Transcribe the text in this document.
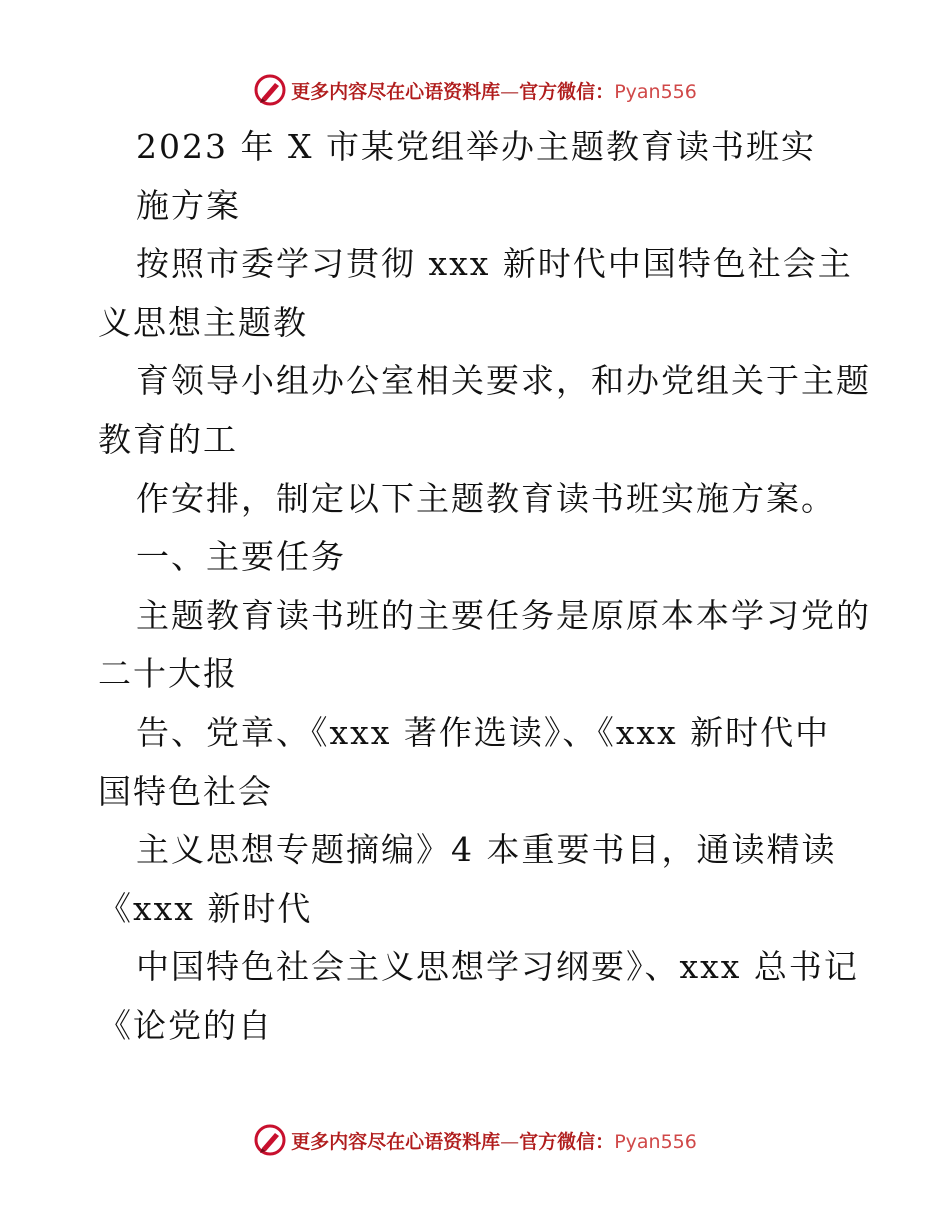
更多内容尽在心语资料库—官方微信：Pyan556
2023 年 X 市某党组举办主题教育读书班实
施方案
按照市委学习贯彻 xxx 新时代中国特色社会主
义思想主题教
育领导小组办公室相关要求，和办党组关于主题
教育的工
作安排，制定以下主题教育读书班实施方案。
一、主要任务
主题教育读书班的主要任务是原原本本学习党的
二十大报
告、党章、《xxx 著作选读》、《xxx 新时代中
国特色社会
主义思想专题摘编》4 本重要书目，通读精读
《xxx 新时代
中国特色社会主义思想学习纲要》、xxx 总书记
《论党的自
更多内容尽在心语资料库—官方微信：Pyan556
